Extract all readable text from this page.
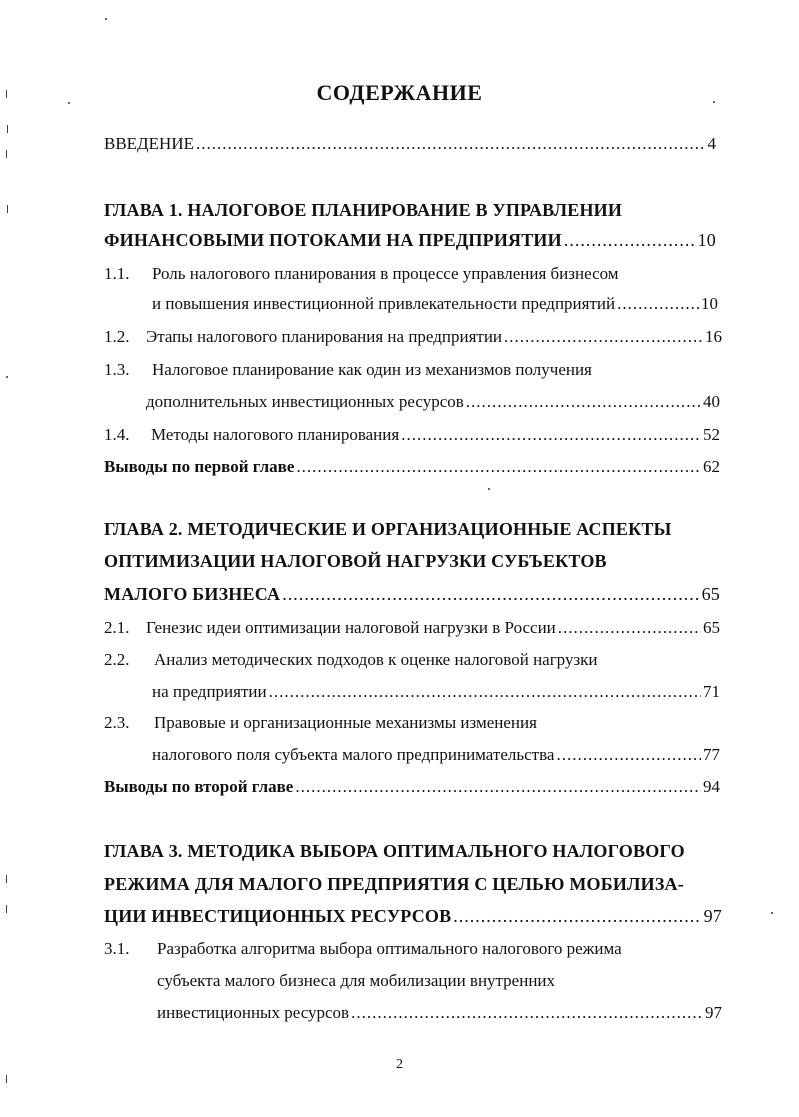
СОДЕРЖАНИЕ
ВВЕДЕНИЕ .....	4
ГЛАВА 1. НАЛОГОВОЕ ПЛАНИРОВАНИЕ В УПРАВЛЕНИИ
ФИНАНСОВЫМИ ПОТОКАМИ НА ПРЕДПРИЯТИИ .....	10
1.1. Роль налогового планирования в процессе управления бизнесом
и повышения инвестиционной привлекательности предприятий .....	10
1.2. Этапы налогового планирования на предприятии .....	16
1.3. Налоговое планирование как один из механизмов получения
дополнительных инвестиционных ресурсов .....	40
1.4. Методы налогового планирования .....	52
Выводы по первой главе .....	62
ГЛАВА 2. МЕТОДИЧЕСКИЕ И ОРГАНИЗАЦИОННЫЕ АСПЕКТЫ
ОПТИМИЗАЦИИ НАЛОГОВОЙ НАГРУЗКИ СУБЪЕКТОВ
МАЛОГО БИЗНЕСА .....	65
2.1. Генезис идеи оптимизации налоговой нагрузки в России .....	65
2.2. Анализ методических подходов к оценке налоговой нагрузки
на предприятии .....	71
2.3. Правовые и организационные механизмы изменения
налогового поля субъекта малого предпринимательства .....	77
Выводы по второй главе .....	94
ГЛАВА 3. МЕТОДИКА ВЫБОРА ОПТИМАЛЬНОГО НАЛОГОВОГО
РЕЖИМА ДЛЯ МАЛОГО ПРЕДПРИЯТИЯ С ЦЕЛЬЮ МОБИЛИЗА-
ЦИИ ИНВЕСТИЦИОННЫХ РЕСУРСОВ .....	97
3.1. Разработка алгоритма выбора оптимального налогового режима
субъекта малого бизнеса для мобилизации внутренних
инвестиционных ресурсов .....	97
2
